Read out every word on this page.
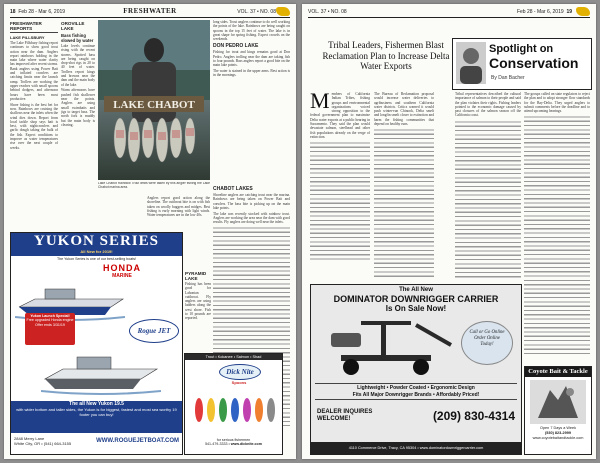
18 Feb 28 - Mar 6, 2019	FRESHWATER	VOL. 37 • NO. 08
FRESHWATER REPORTS
LAKE PILLSBURY

The Lake Pillsbury fishing report continues to show good trout action near the dam. Anglers report rainbows holding in the main lake where water clarity has improved after recent storms. Bank anglers using Power Bait and inflated crawlers are catching limits near the launch ramp. Trollers are working the upper reaches with small spoons behind dodgers, and afternoon hours have been most productive.

Shore fishing is the best bet for now. Rainbows are cruising the shallows near the inlets when the wind dies down. Report from local tackle shop says bait is best, with nightcrawlers and garlic dough taking the bulk of the fish. Expect conditions to improve as water temperatures rise over the next couple of weeks.

OROVILLE LAKE
Bass fishing slowed by water

Lake levels continue rising with the recent storms. Spotted bass are being caught on drop-shot rigs in 20 to 40 feet of water. Trollers report kings and browns near the dam and the main body of the lake.

Warm afternoons have pushed fish shallower near the points. Anglers are using small swimbaits and jigs to target bass. The north fork is muddy but the main body is clearing.

LAKE CHABOT
Lake Chabot Rainbow Trout limits were taken by this angler fishing the Lake Chabot marina area.

long sides. Trout anglers continue to do well working the points of the lake. Rainbows are being caught on spoons in the top 15 feet of water. The lake is in great shape for spring fishing. Expect crowds on the weekends.

DON PEDRO LAKE

Fishing for trout and kings remains good at Don Pedro. Anglers trolling near the dam are taking fish to four pounds. Bass anglers report a good bite on the main lake points.

The water is stained in the upper arms. Best action is in the mornings.

Anglers report good action along the shoreline. The cutthroat bite is on with fish taken on woolly buggers and midges. Best fishing is early morning with light winds. Water temperatures are in the low 40s.
CHABOT LAKES

Shoreline anglers are catching trout near the marina. Rainbows are being taken on Power Bait and crawlers. The bass bite is picking up on the main lake points.

The lake was recently stocked with rainbow trout. Anglers are working the area near the dam with good results. Fly anglers are doing well near the inlets.

PYRAMID LAKE
Fishing has been good for Lahontan cutthroat. Fly anglers are using ladders along the west shore. Fish to 10 pounds are reported.
YUKON SERIES
All New for 2019!
The Yukon Series is one of our best-selling boats!
HONDA
MARINE
Yukon Launch Special!
Free upgraded Honda engine
Offer ends 3/31/19
Rogue JET
The all New Yukon 19.5
with wider bottom and taller sides, the Yukon is for biggest, fastest and most sea worthy 19 footer you can buy!
2848 Merry Lane
White City, OR • (541) 664-3155	WWW.ROGUEJETBOAT.COM
Trout • Kokanee • Salmon • Shad
Dick Nite
Spoons
for serious fishermen
541-479-3333 • www.dicknite.com
VOL. 37 • NO. 08	Feb 28 - Mar 6, 2019 19
Tribal Leaders, Fishermen Blast Reclamation Plan to Increase Delta Water Exports
Spotlight on
Conservation
By Dan Bacher
M embers of California Indian Tribes, fishing groups and environmental organizations voiced strong opposition to the federal government plan to maximize Delta water exports at a public hearing in Sacramento. They said the plan would devastate salmon, steelhead and other fish populations already on the verge of extinction.
The Bureau of Reclamation proposal would increase water deliveries to agribusiness and southern California water districts. Critics warned it would push winter-run Chinook, Delta smelt and longfin smelt closer to extinction and harm the fishing communities that depend on healthy runs.
Tribal representatives described the cultural importance of salmon to their people and said the plan violates their rights. Fishing leaders pointed to the economic damage caused by past closures of the salmon season off the California coast.
The groups called on state regulators to reject the plan and to adopt stronger flow standards for the Bay-Delta. They urged anglers to submit comments before the deadline and to attend upcoming hearings.
The All New
DOMINATOR DOWNRIGGER CARRIER
Is On Sale Now!
Call or Go Online
Order Online
Today!
Lightweight • Powder Coated • Ergonomic Design
Fits All Major Downrigger Brands • Affordably Priced!
DEALER INQUIRES
WELCOME!	(209) 830-4314
4110 Commerce Drive, Tracy, CA 95304 • www.dominatordownriggercarrier.com
Coyote Bait & Tackle
Open 7 Days a Week
(530) 823-2999
www.coyotebaitandtackle.com
